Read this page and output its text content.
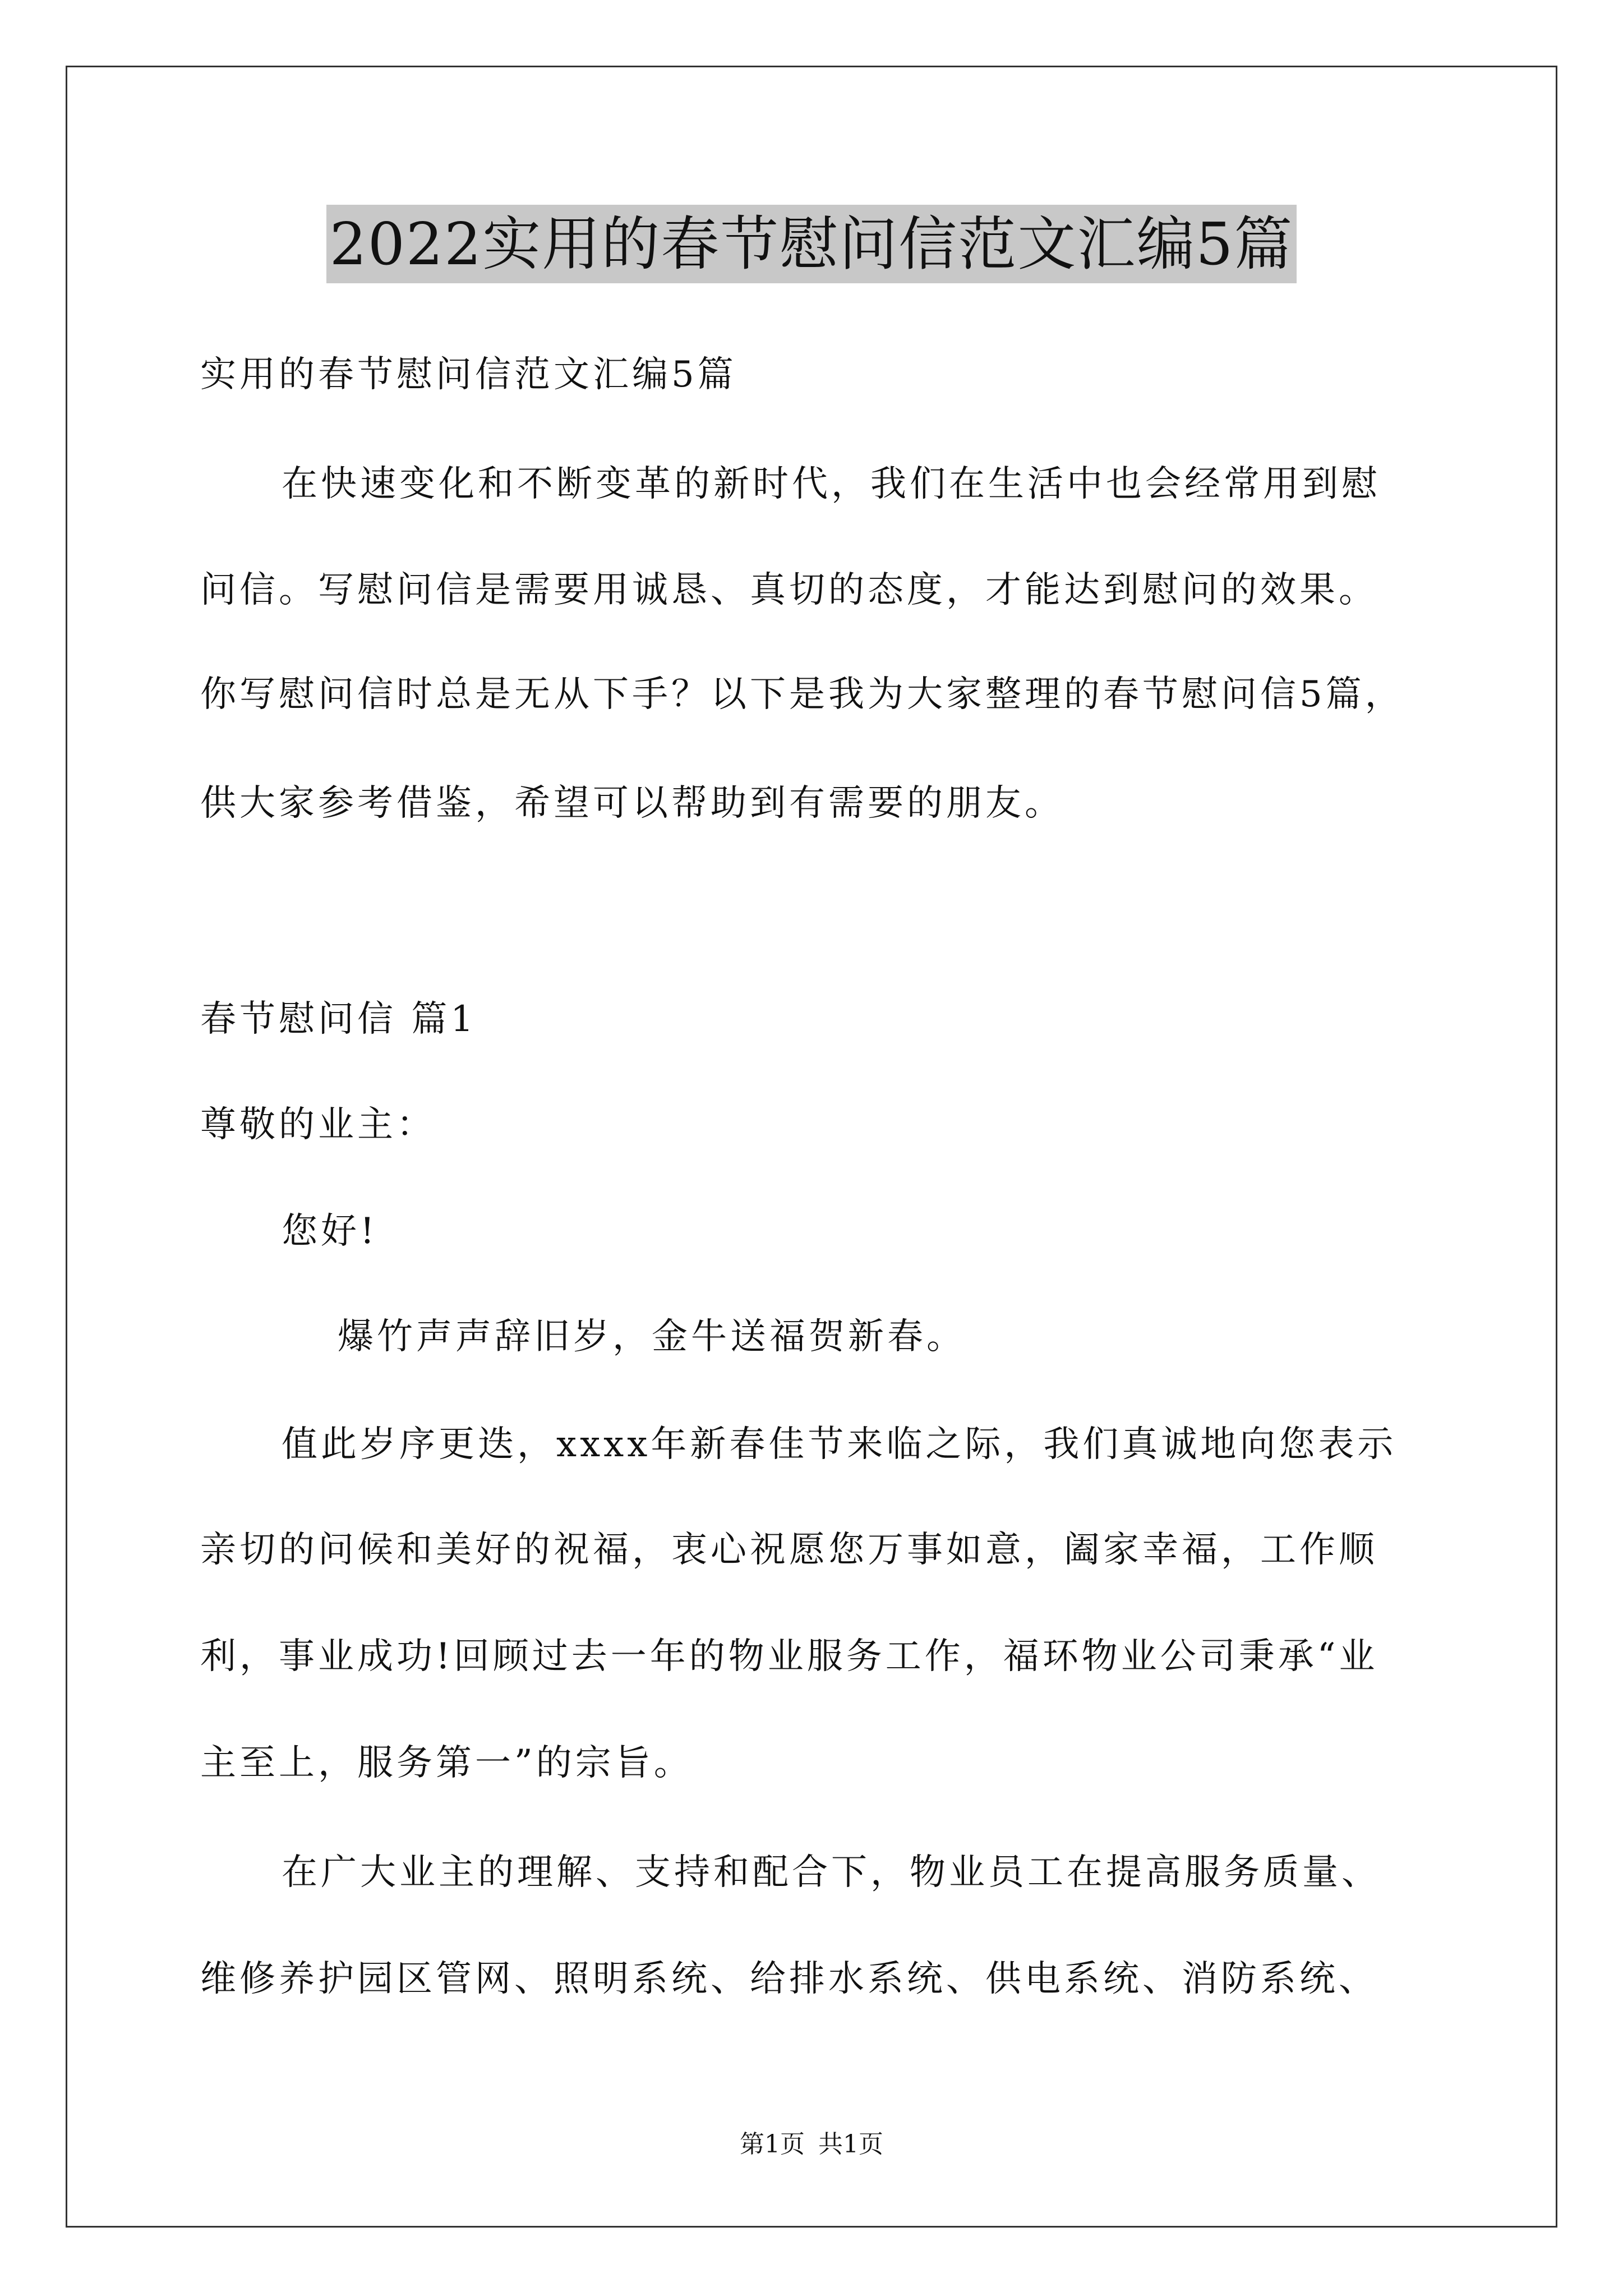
2022实用的春节慰问信范文汇编5篇
实用的春节慰问信范文汇编5篇
在快速变化和不断变革的新时代，我们在生活中也会经常用到慰
问信。写慰问信是需要用诚恳、真切的态度，才能达到慰问的效果。
你写慰问信时总是无从下手？以下是我为大家整理的春节慰问信5篇，
供大家参考借鉴，希望可以帮助到有需要的朋友。
春节慰问信 篇1
尊敬的业主：
您好!
爆竹声声辞旧岁，金牛送福贺新春。
值此岁序更迭，xxxx年新春佳节来临之际，我们真诚地向您表示
亲切的问候和美好的祝福，衷心祝愿您万事如意，阖家幸福，工作顺
利，事业成功!回顾过去一年的物业服务工作，福环物业公司秉承“业
主至上，服务第一”的宗旨。
在广大业主的理解、支持和配合下，物业员工在提高服务质量、
维修养护园区管网、照明系统、给排水系统、供电系统、消防系统、
第1页 共1页
